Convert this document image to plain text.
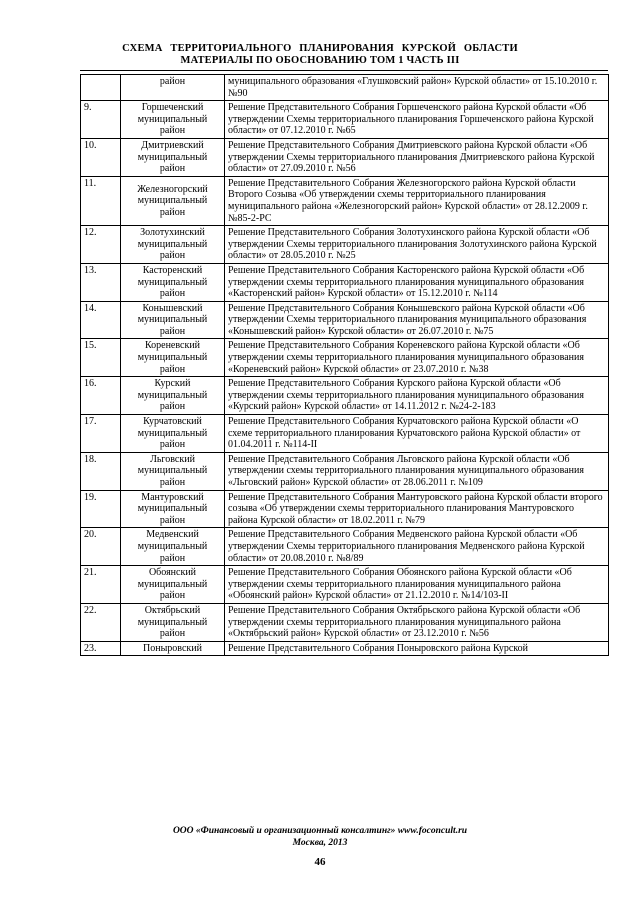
СХЕМА ТЕРРИТОРИАЛЬНОГО ПЛАНИРОВАНИЯ КУРСКОЙ ОБЛАСТИ
МАТЕРИАЛЫ ПО ОБОСНОВАНИЮ ТОМ 1 ЧАСТЬ III
	район	муниципального образования «Глушковский район» Курской области» от 15.10.2010 г. №90
9.	Горшеченский муниципальный район	Решение Представительного Собрания Горшеченского района Курской области «Об утверждении Схемы территориального планирования Горшеченского района Курской области» от 07.12.2010 г. №65
10.	Дмитриевский муниципальный район	Решение Представительного Собрания Дмитриевского района Курской области «Об утверждении Схемы территориального планирования Дмитриевского района Курской области» от 27.09.2010 г. №56
11.	Железногорский муниципальный район	Решение Представительного Собрания Железногорского района Курской области Второго Созыва «Об утверждении схемы территориального планирования муниципального района «Железногорский район» Курской области» от 28.12.2009 г. №85-2-РС
12.	Золотухинский муниципальный район	Решение Представительного Собрания Золотухинского района Курской области «Об утверждении Схемы территориального планирования Золотухинского района Курской области» от 28.05.2010 г. №25
13.	Касторенский муниципальный район	Решение Представительного Собрания Касторенского района Курской области «Об утверждении схемы территориального планирования муниципального образования «Касторенский район» Курской области» от 15.12.2010 г. №114
14.	Конышевский муниципальный район	Решение Представительного Собрания Конышевского района Курской области «Об утверждении Схемы территориального планирования муниципального образования «Конышевский район» Курской области» от 26.07.2010 г. №75
15.	Кореневский муниципальный район	Решение Представительного Собрания Кореневского района Курской области «Об утверждении схемы территориального планирования муниципального образования «Кореневский район» Курской области» от 23.07.2010 г. №38
16.	Курский муниципальный район	Решение Представительного Собрания Курского района Курской области «Об утверждении схемы территориального планирования муниципального образования «Курский район» Курской области» от 14.11.2012 г. №24-2-183
17.	Курчатовский муниципальный район	Решение Представительного Собрания Курчатовского района Курской области «О схеме территориального планирования Курчатовского района Курской области» от 01.04.2011 г. №114-II
18.	Льговский муниципальный район	Решение Представительного Собрания Льговского района Курской области «Об утверждении схемы территориального планирования муниципального образования «Льговский район» Курской области» от 28.06.2011 г. №109
19.	Мантуровский муниципальный район	Решение Представительного Собрания Мантуровского района Курской области второго созыва «Об утверждении схемы территориального планирования Мантуровского района Курской области» от 18.02.2011 г. №79
20.	Медвенский муниципальный район	Решение Представительного Собрания Медвенского района Курской области «Об утверждении Схемы территориального планирования Медвенского района Курской области» от 20.08.2010 г. №8/89
21.	Обоянский муниципальный район	Решение Представительного Собрания Обоянского района Курской области «Об утверждении схемы территориального планирования муниципального района «Обоянский район» Курской области» от 21.12.2010 г. №14/103-II
22.	Октябрьский муниципальный район	Решение Представительного Собрания Октябрьского района Курской области «Об утверждении схемы территориального планирования муниципального района «Октябрьский район» Курской области» от 23.12.2010 г. №56
23.	Поныровский	Решение Представительного Собрания Поныровского района Курской
ООО «Финансовый и организационный консалтинг» www.foconcult.ru
Москва, 2013
46
